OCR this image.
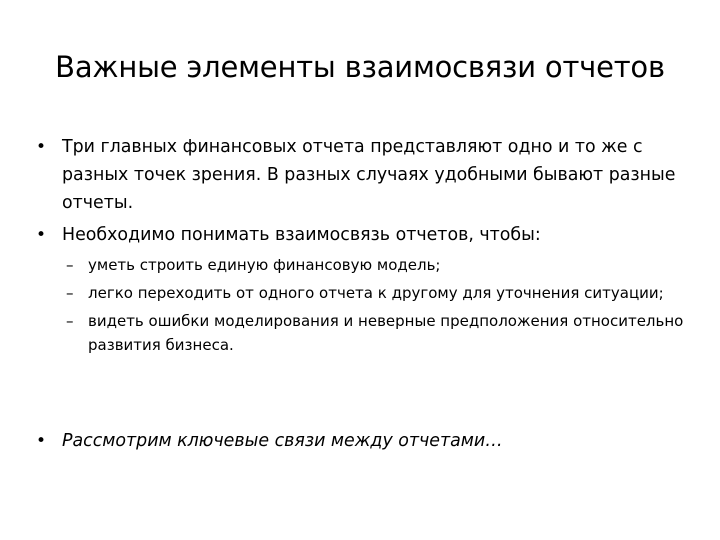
Важные элементы взаимосвязи отчетов
• Три главных финансовых отчета представляют одно и то же с разных точек зрения. В разных случаях удобными бывают разные отчеты.
• Необходимо понимать взаимосвязь отчетов, чтобы:
– уметь строить единую финансовую модель;
– легко переходить от одного отчета к другому для уточнения ситуации;
– видеть ошибки моделирования и неверные предположения относительно развития бизнеса.
• Рассмотрим ключевые связи между отчетами…
